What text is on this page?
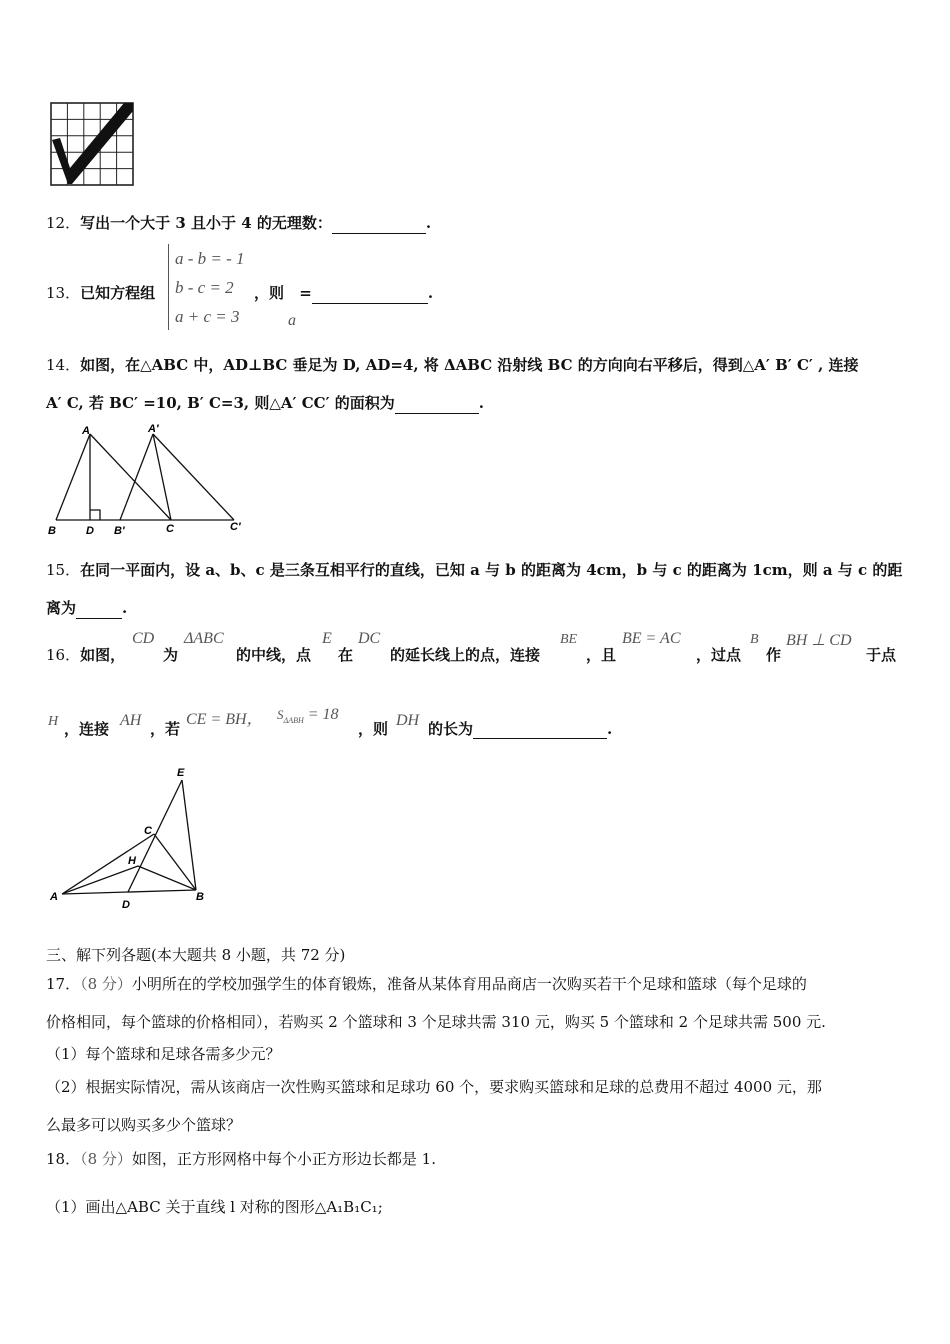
12．写出一个大于 3 且小于 4 的无理数：	.
13．已知方程组
a - b = - 1
b - c = 2
a + c = 3
，则 =	.
a
14．如图，在△ABC 中，AD⊥BC 垂足为 D, AD=4, 将 ΔABC 沿射线 BC 的方向向右平移后，得到△A′ B′ C′ , 连接
A′ C, 若 BC′ =10, B′ C=3, 则△A′ CC′ 的面积为	.
A	A′
B	D B′	C	C′
15．在同一平面内，设 a、b、c 是三条互相平行的直线，已知 a 与 b 的距离为 4cm，b 与 c 的距离为 1cm，则 a 与 c 的距
离为	.
16．如图，
CD
为
ΔABC
的中线，点
E
在
DC
的延长线上的点，连接
BE
，且
BE = AC
，过点
B
作
BH ⊥ CD
于点
H ，连接 AH ，若
CE = BH， $S_{\Delta ABH} = 18$
，则 DH 的长为	.
E
C
H
A
D
B
三、解下列各题(本大题共 8 小题，共 72 分)
17．（8 分）小明所在的学校加强学生的体育锻炼，准备从某体育用品商店一次购买若干个足球和篮球（每个足球的
价格相同，每个篮球的价格相同），若购买 2 个篮球和 3 个足球共需 310 元，购买 5 个篮球和 2 个足球共需 500 元.
（1）每个篮球和足球各需多少元？
（2）根据实际情况，需从该商店一次性购买篮球和足球功 60 个，要求购买篮球和足球的总费用不超过 4000 元，那
么最多可以购买多少个篮球？
18．（8 分）如图，正方形网格中每个小正方形边长都是 1.
（1）画出△ABC 关于直线 l 对称的图形△A₁B₁C₁;
